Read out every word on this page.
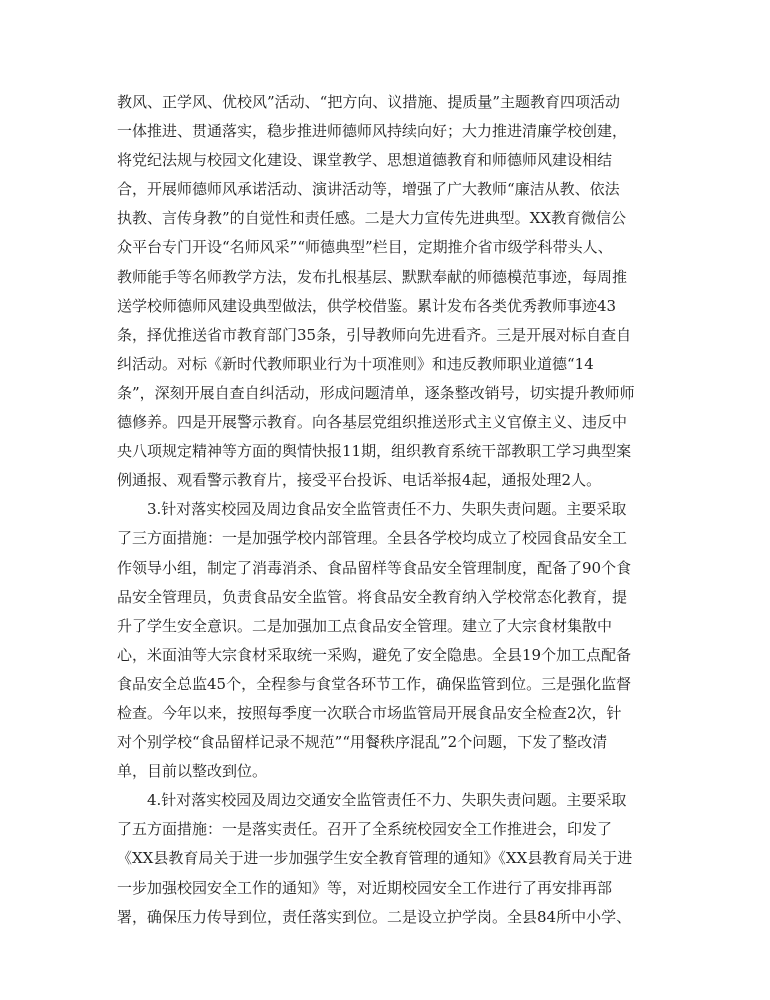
教风、正学风、优校风”活动、“把方向、议措施、提质量”主题教育四项活动
一体推进、贯通落实，稳步推进师德师风持续向好；大力推进清廉学校创建，
将党纪法规与校园文化建设、课堂教学、思想道德教育和师德师风建设相结
合，开展师德师风承诺活动、演讲活动等，增强了广大教师“廉洁从教、依法
执教、言传身教”的自觉性和责任感。二是大力宣传先进典型。XX教育微信公
众平台专门开设“名师风采”“师德典型”栏目，定期推介省市级学科带头人、
教师能手等名师教学方法，发布扎根基层、默默奉献的师德模范事迹，每周推
送学校师德师风建设典型做法，供学校借鉴。累计发布各类优秀教师事迹43
条，择优推送省市教育部门35条，引导教师向先进看齐。三是开展对标自查自
纠活动。对标《新时代教师职业行为十项准则》和违反教师职业道德“14
条”，深刻开展自查自纠活动，形成问题清单，逐条整改销号，切实提升教师师
德修养。四是开展警示教育。向各基层党组织推送形式主义官僚主义、违反中
央八项规定精神等方面的舆情快报11期，组织教育系统干部教职工学习典型案
例通报、观看警示教育片，接受平台投诉、电话举报4起，通报处理2人。
3.针对落实校园及周边食品安全监管责任不力、失职失责问题。主要采取
了三方面措施：一是加强学校内部管理。全县各学校均成立了校园食品安全工
作领导小组，制定了消毒消杀、食品留样等食品安全管理制度，配备了90个食
品安全管理员，负责食品安全监管。将食品安全教育纳入学校常态化教育，提
升了学生安全意识。二是加强加工点食品安全管理。建立了大宗食材集散中
心，米面油等大宗食材采取统一采购，避免了安全隐患。全县19个加工点配备
食品安全总监45个，全程参与食堂各环节工作，确保监管到位。三是强化监督
检查。今年以来，按照每季度一次联合市场监管局开展食品安全检查2次，针
对个别学校“食品留样记录不规范”“用餐秩序混乱”2个问题，下发了整改清
单，目前以整改到位。
4.针对落实校园及周边交通安全监管责任不力、失职失责问题。主要采取
了五方面措施：一是落实责任。召开了全系统校园安全工作推进会，印发了
《XX县教育局关于进一步加强学生安全教育管理的通知》《XX县教育局关于进
一步加强校园安全工作的通知》等，对近期校园安全工作进行了再安排再部
署，确保压力传导到位，责任落实到位。二是设立护学岗。全县84所中小学、
